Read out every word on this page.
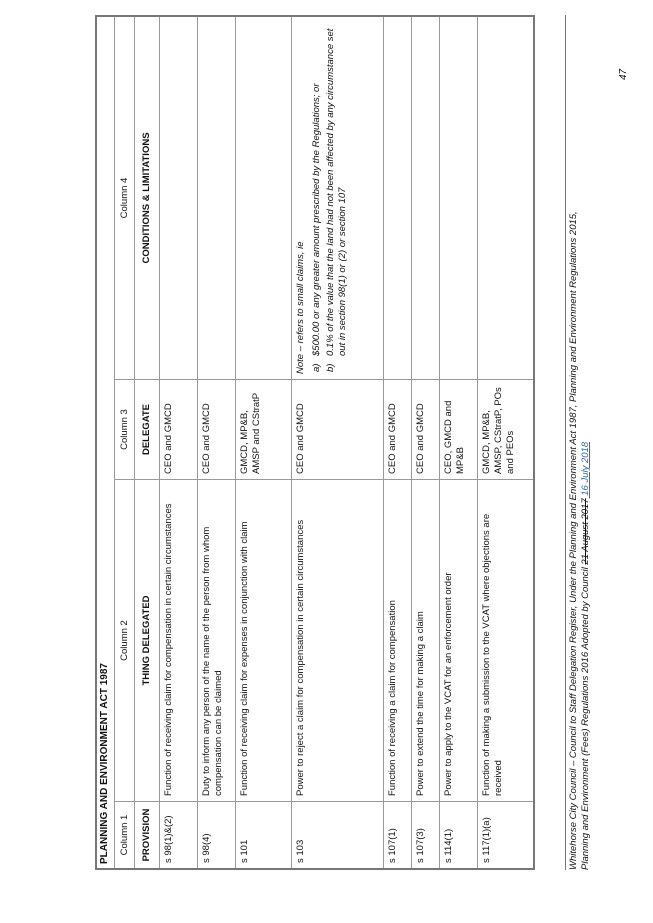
PLANNING AND ENVIRONMENT ACT 1987 Column 1
Column 2
Column 3
Column 4
PROVISION
THING DELEGATED
DELEGATE
CONDITIONS & LIMITATIONS
s 98(1)&(2)
Function of receiving claim for compensation in certain circumstances
CEO and GMCD
s 98(4)
Duty to inform any person of the name of the person from whom compensation can be claimed
CEO and GMCD
s 101
Function of receiving claim for expenses in conjunction with claim
GMCD, MP&B, AMSP and CStratP
s 103
Power to reject a claim for compensation in certain circumstances
CEO and GMCD
Note – refers to small claims, ie a)
$500.00 or any greater amount prescribed by the Regulations; or
b)
0.1% of the value that the land had not been affected by any circumstance set out in section 98(1) or (2) or section 107
s 107(1)
Function of receiving a claim for compensation
CEO and GMCD
s 107(3)
Power to extend the time for making a claim
CEO and GMCD
s 114(1)
Power to apply to the VCAT for an enforcement order
CEO, GMCD and MP&B
s 117(1)(a)
Function of making a submission to the VCAT where objections are received
GMCD, MP&B, AMSP, CStratP, POs and PEOs	Whitehorse City Council – Council to Staff Delegation Register, Under the Planning and Environment Act 1987, Planning and Environment Regulations 2015, Planning and Environment (Fees) Regulations 2016 Adopted by Council 21 August 2017 16 July 2018
47
